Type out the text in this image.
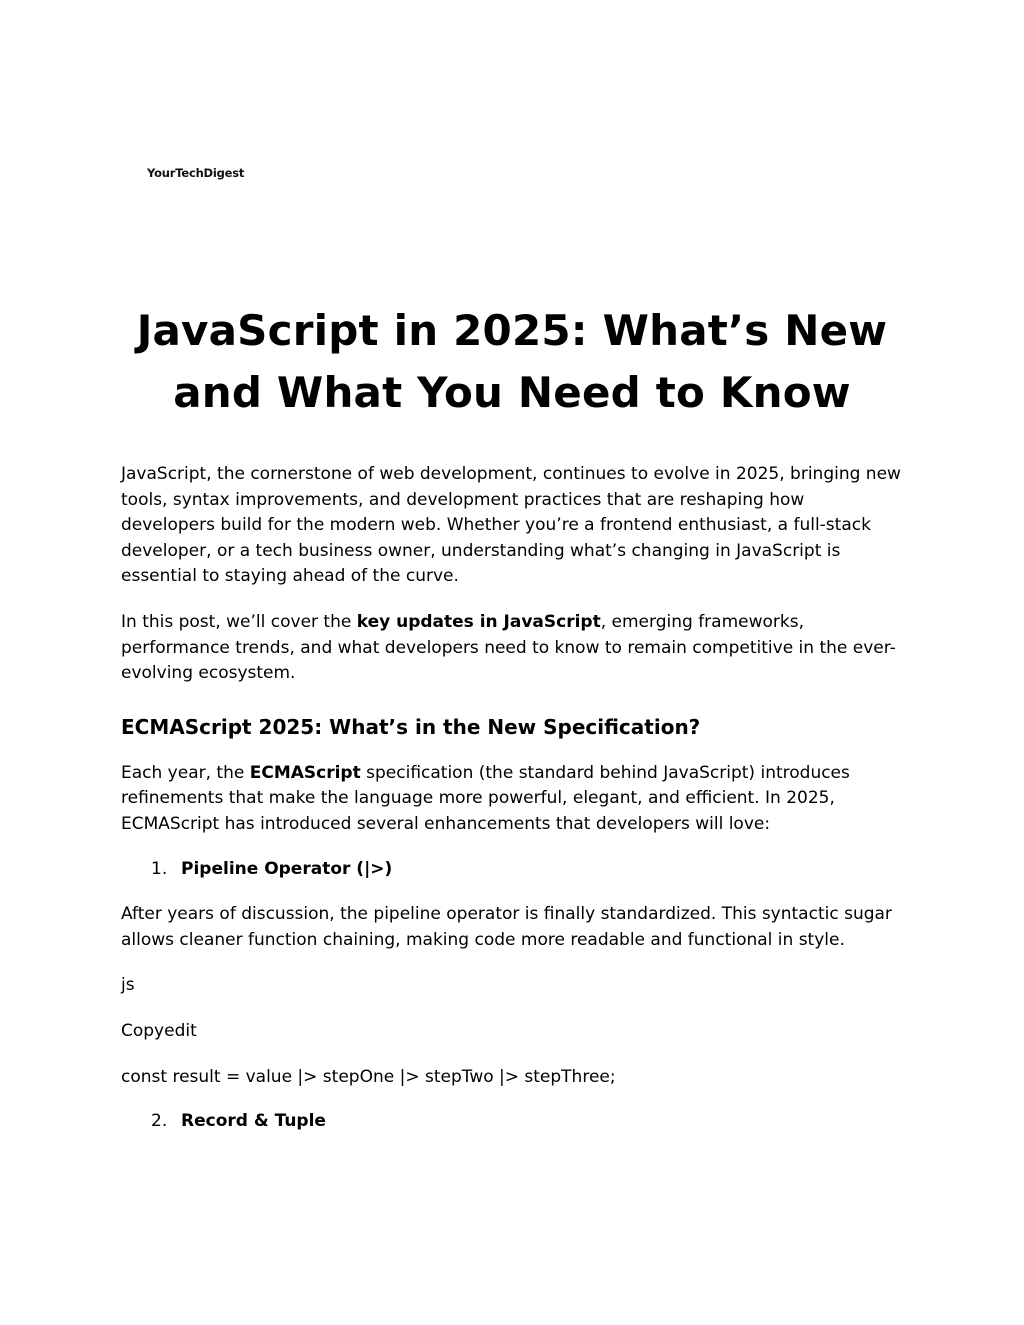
YourTechDigest
JavaScript in 2025: What’s New
and What You Need to Know

JavaScript, the cornerstone of web development, continues to evolve in 2025, bringing new tools, syntax improvements, and development practices that are reshaping how developers build for the modern web. Whether you’re a frontend enthusiast, a full-stack developer, or a tech business owner, understanding what’s changing in JavaScript is essential to staying ahead of the curve.

In this post, we’ll cover the key updates in JavaScript, emerging frameworks, performance trends, and what developers need to know to remain competitive in the ever-evolving ecosystem.

ECMAScript 2025: What’s in the New Specification?

Each year, the ECMAScript specification (the standard behind JavaScript) introduces refinements that make the language more powerful, elegant, and efficient. In 2025, ECMAScript has introduced several enhancements that developers will love:

1. Pipeline Operator (|>)

After years of discussion, the pipeline operator is finally standardized. This syntactic sugar allows cleaner function chaining, making code more readable and functional in style.

js

Copyedit

const result = value |> stepOne |> stepTwo |> stepThree;

2. Record & Tuple
